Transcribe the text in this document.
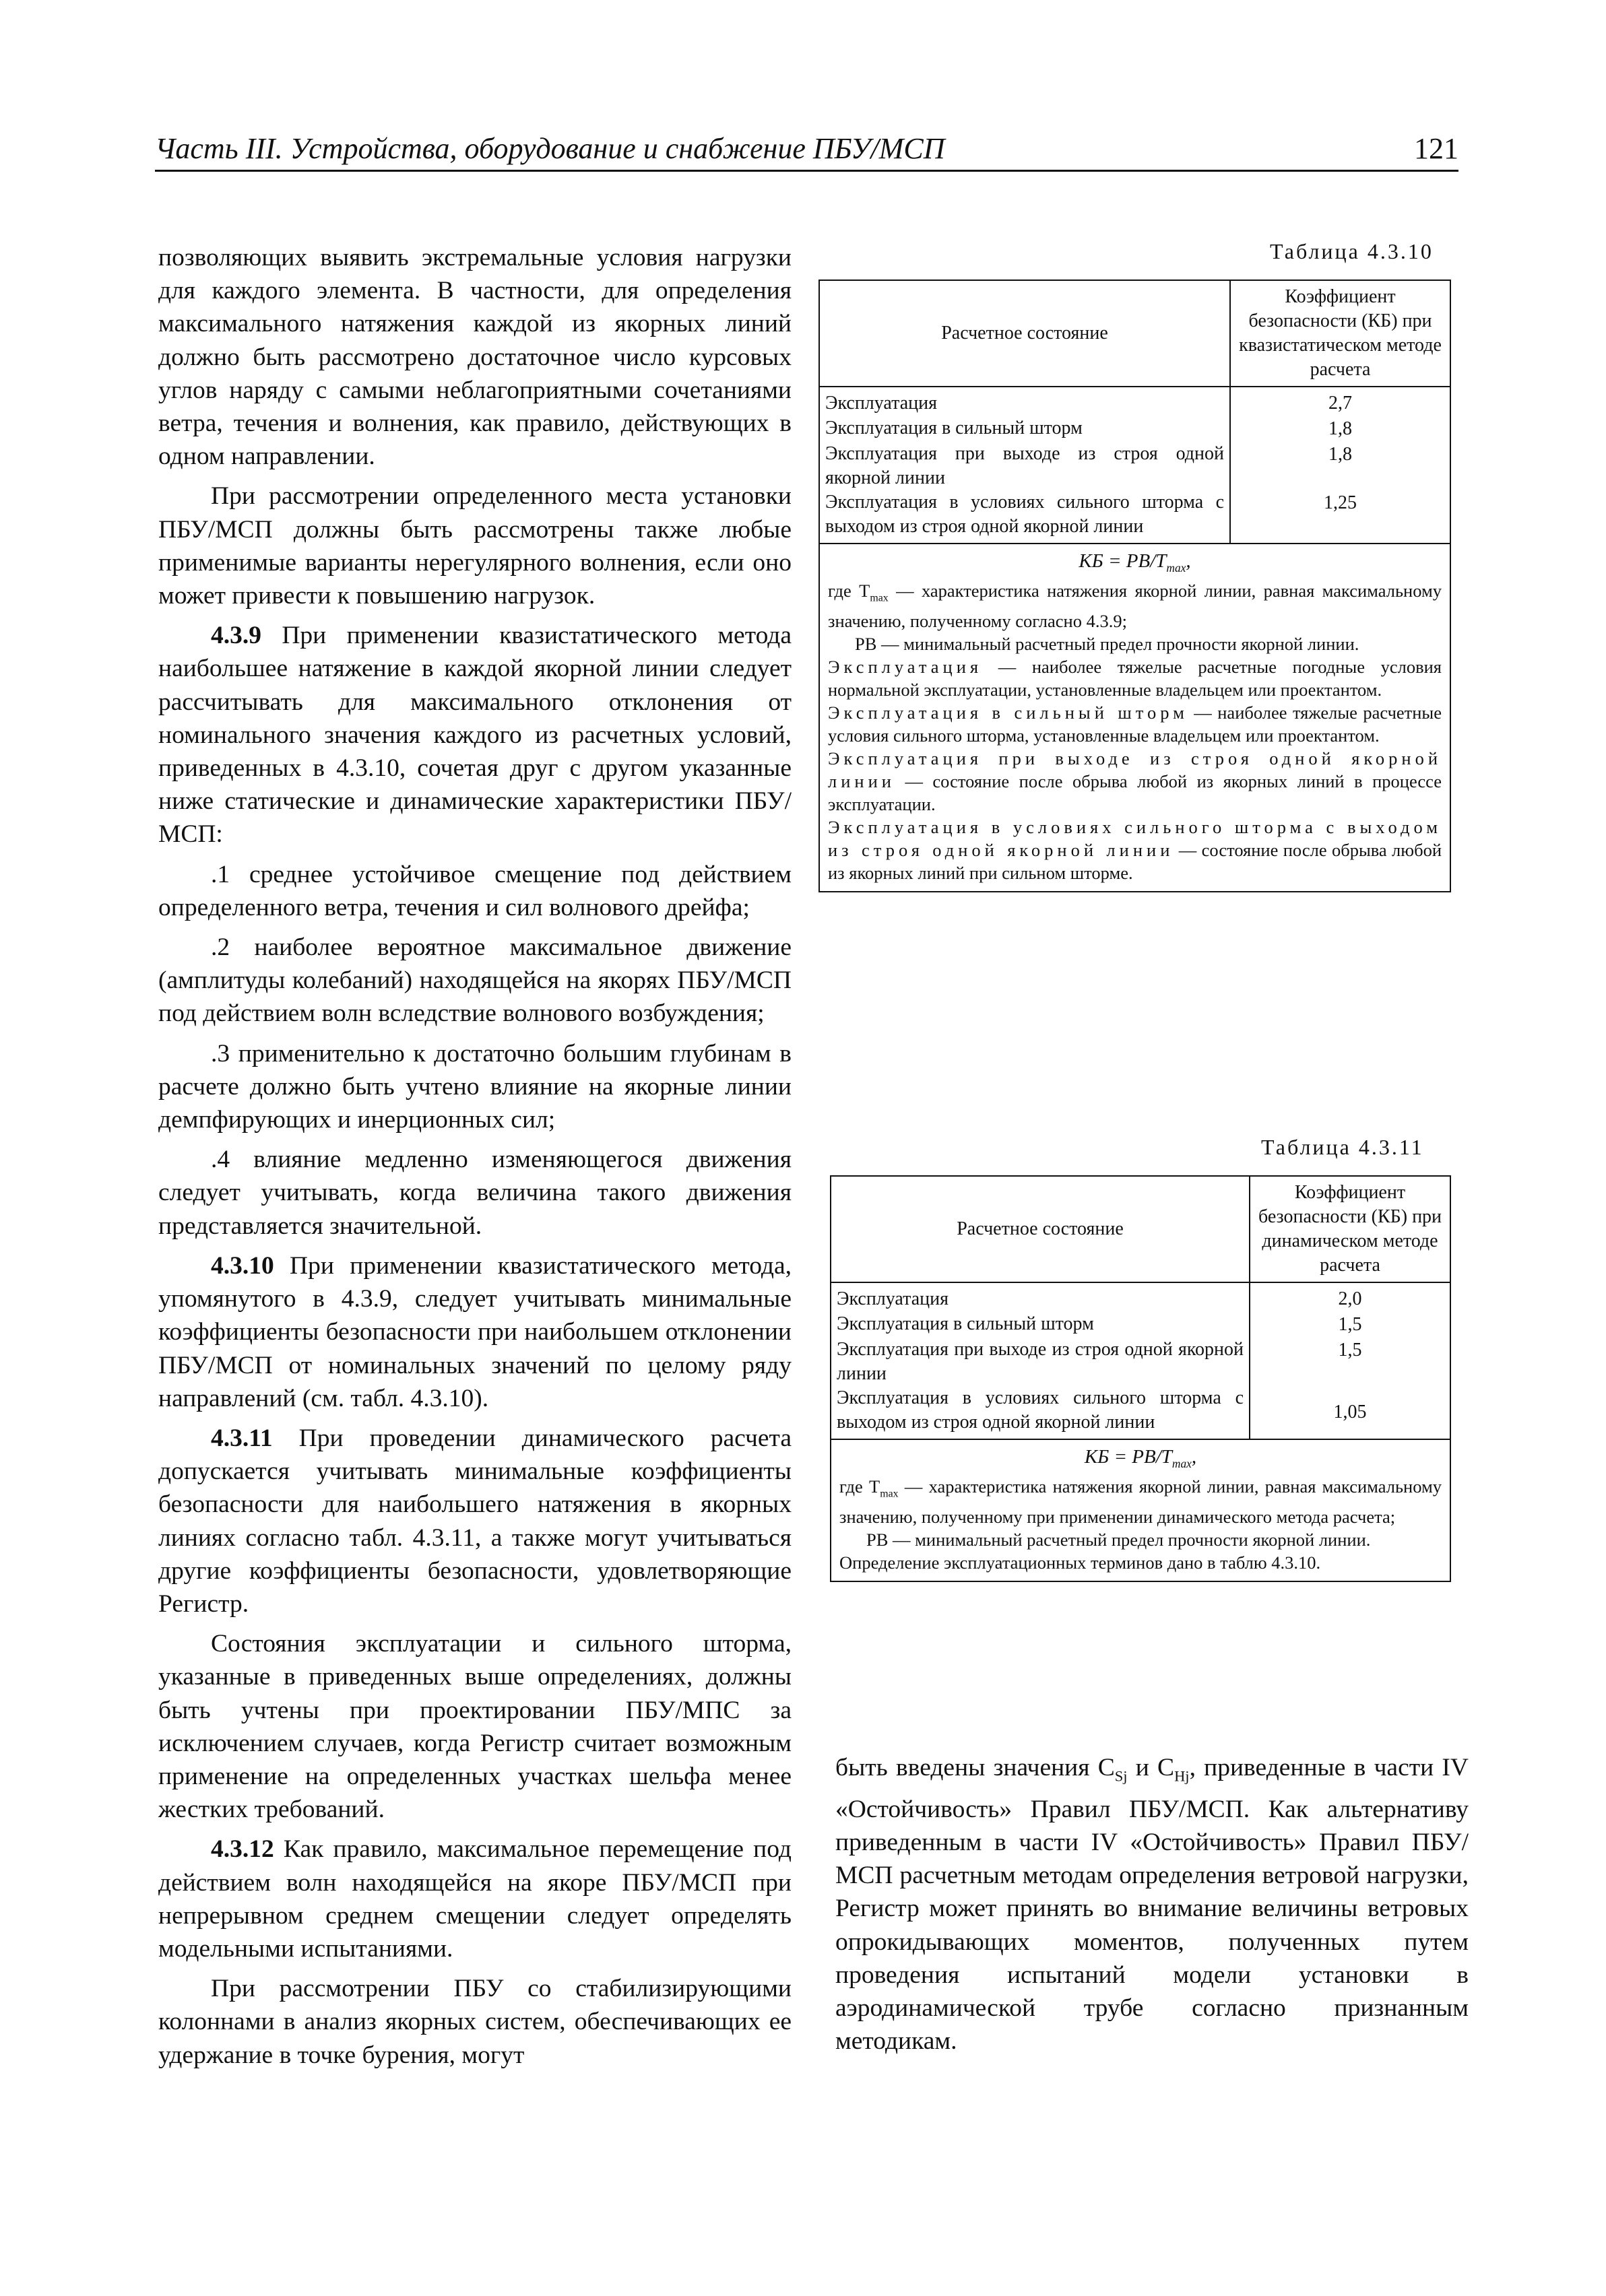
Часть III. Устройства, оборудование и снабжение ПБУ/МСП	121

позволяющих выявить экстремальные условия нагрузки для каждого элемента. В частности, для определения максимального натяжения каждой из якорных линий должно быть рассмотрено достаточное число курсовых углов наряду с самыми неблагоприятными сочетаниями ветра, течения и волнения, как правило, действующих в одном направлении.

При рассмотрении определенного места установки ПБУ/МСП должны быть рассмотрены также любые применимые варианты нерегулярного волнения, если оно может привести к повышению нагрузок.

4.3.9 При применении квазистатического метода наибольшее натяжение в каждой якорной линии следует рассчитывать для максимального отклонения от номинального значения каждого из расчетных условий, приведенных в 4.3.10, сочетая друг с другом указанные ниже статические и динамические характеристики ПБУ/МСП:

.1 среднее устойчивое смещение под действием определенного ветра, течения и сил волнового дрейфа;

.2 наиболее вероятное максимальное движение (амплитуды колебаний) находящейся на якорях ПБУ/МСП под действием волн вследствие волнового возбуждения;

.3 применительно к достаточно большим глубинам в расчете должно быть учтено влияние на якорные линии демпфирующих и инерционных сил;

.4 влияние медленно изменяющегося движения следует учитывать, когда величина такого движения представляется значительной.

4.3.10 При применении квазистатического метода, упомянутого в 4.3.9, следует учитывать минимальные коэффициенты безопасности при наибольшем отклонении ПБУ/МСП от номинальных значений по целому ряду направлений (см. табл. 4.3.10).

4.3.11 При проведении динамического расчета допускается учитывать минимальные коэффициенты безопасности для наибольшего натяжения в якорных линиях согласно табл. 4.3.11, а также могут учитываться другие коэффициенты безопасности, удовлетворяющие Регистр.

Состояния эксплуатации и сильного шторма, указанные в приведенных выше определениях, должны быть учтены при проектировании ПБУ/МПС за исключением случаев, когда Регистр считает возможным применение на определенных участках шельфа менее жестких требований.

4.3.12 Как правило, максимальное перемещение под действием волн находящейся на якоре ПБУ/МСП при непрерывном среднем смещении следует определять модельными испытаниями.

При рассмотрении ПБУ со стабилизирующими колоннами в анализ якорных систем, обеспечивающих ее удержание в точке бурения, могут

Таблица 4.3.10
Расчетное состояние	Коэффициент безопасности (КБ) при квазистатическом методе расчета
Эксплуатация	2,7
Эксплуатация в сильный шторм	1,8
Эксплуатация при выходе из строя одной якорной линии	1,8
Эксплуатация в условиях сильного шторма с выходом из строя одной якорной линии	1,25

КБ = $PB/T_{max}$,

где $T_{max}$ — характеристика натяжения якорной линии, равная максимальному значению, полученному согласно 4.3.9;

PB — минимальный расчетный предел прочности якорной линии.

Эксплуатация — наиболее тяжелые расчетные погодные условия нормальной эксплуатации, установленные владельцем или проектантом.

Эксплуатация в сильный шторм — наиболее тяжелые расчетные условия сильного шторма, установленные владельцем или проектантом.

Эксплуатация при выходе из строя одной якорной линии — состояние после обрыва любой из якорных линий в процессе эксплуатации.

Эксплуатация в условиях сильного шторма с выходом из строя одной якорной линии — состояние после обрыва любой из якорных линий при сильном шторме.

Таблица 4.3.11
Расчетное состояние	Коэффициент безопасности (КБ) при динамическом методе расчета
Эксплуатация	2,0
Эксплуатация в сильный шторм	1,5
Эксплуатация при выходе из строя одной якорной линии	1,5
Эксплуатация в условиях сильного шторма с выходом из строя одной якорной линии	1,05

КБ = $PB/T_{max}$,

где $T_{max}$ — характеристика натяжения якорной линии, равная максимальному значению, полученному при применении динамического метода расчета;

PB — минимальный расчетный предел прочности якорной линии.

Определение эксплуатационных терминов дано в таблю 4.3.10.

быть введены значения $C_{Sj}$ и $C_{Hj}$, приведенные в части IV «Остойчивость» Правил ПБУ/МСП. Как альтернативу приведенным в части IV «Остойчивость» Правил ПБУ/МСП расчетным методам определения ветровой нагрузки, Регистр может принять во внимание величины ветровых опрокидывающих моментов, полученных путем проведения испытаний модели установки в аэродинамической трубе согласно признанным методикам.
